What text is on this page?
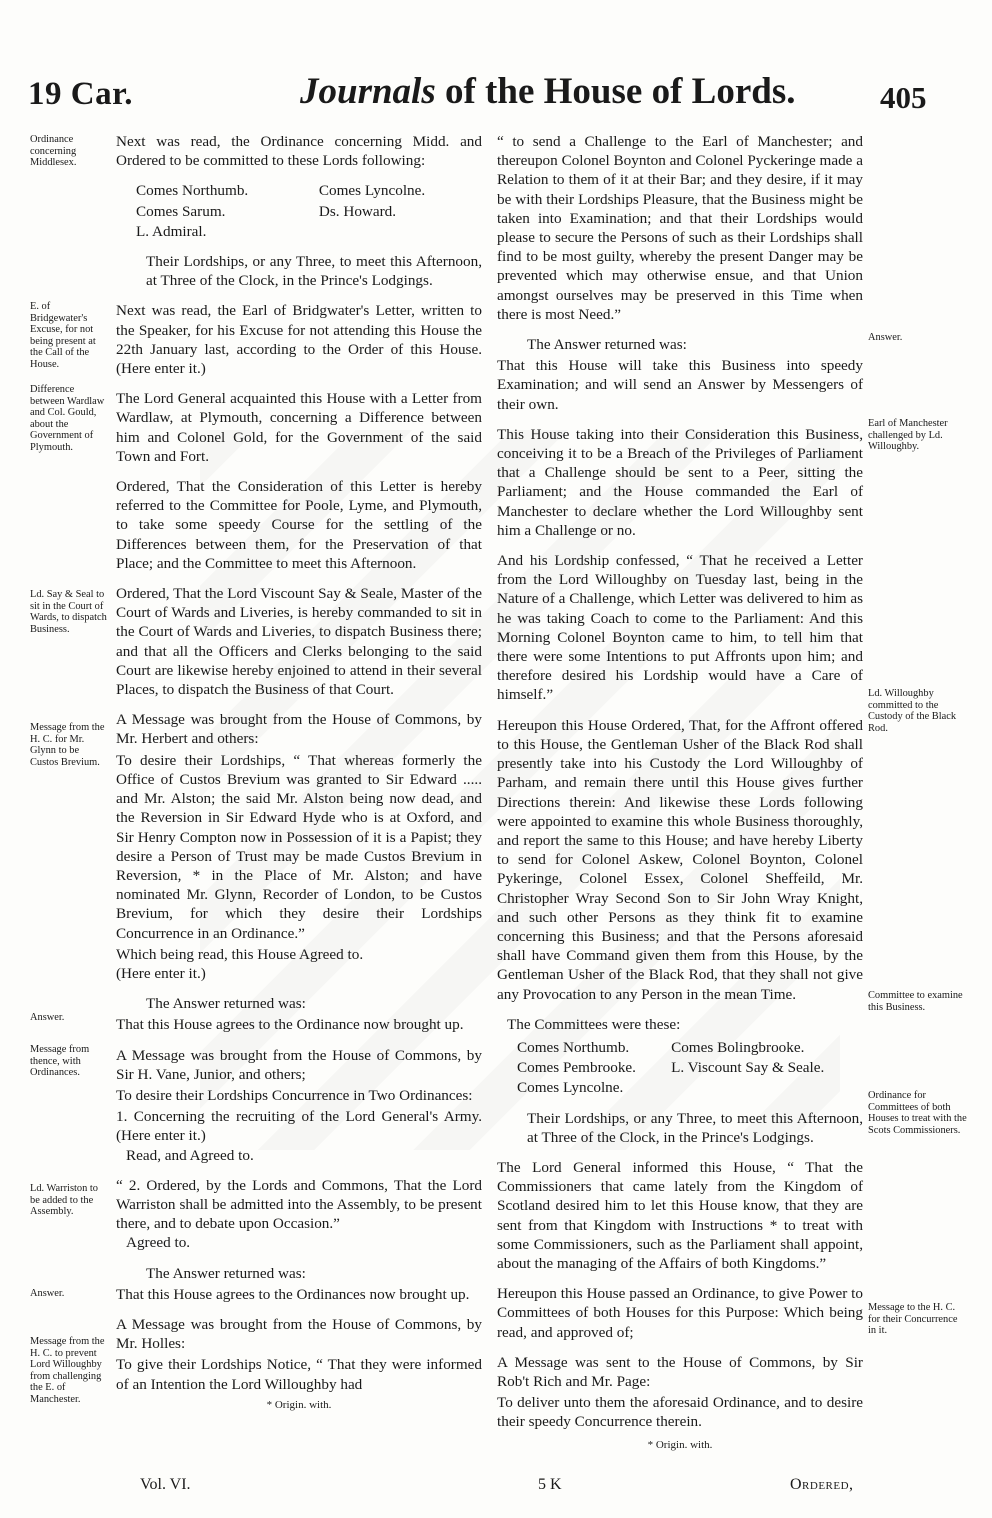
19 Car.	Journals of the House of Lords.	405
Ordinance concerning Middlesex.
E. of Bridgewater's Excuse, for not being present at the Call of the House.
Difference between Wardlaw and Col. Gould, about the Government of Plymouth.
Ld. Say & Seal to sit in the Court of Wards, to dispatch Business.
Message from the H. C. for Mr. Glynn to be Custos Brevium.
Answer.
Message from thence, with Ordinances.
Ld. Warriston to be added to the Assembly.
Answer.
Message from the H. C. to prevent Lord Willoughby from challenging the E. of Manchester.
Answer.
Earl of Manchester challenged by Ld. Willoughby.
Ld. Willoughby committed to the Custody of the Black Rod.
Committee to examine this Business.
Ordinance for Committees of both Houses to treat with the Scots Commissioners.
Message to the H. C. for their Concurrence in it.

Next was read, the Ordinance concerning Midd. and Ordered to be committed to these Lords following:

Comes Northumb.	Comes Lyncolne.
Comes Sarum.	Ds. Howard.
L. Admiral.	

Their Lordships, or any Three, to meet this Afternoon, at Three of the Clock, in the Prince's Lodgings.

Next was read, the Earl of Bridgwater's Letter, written to the Speaker, for his Excuse for not attending this House the 22th January last, according to the Order of this House. (Here enter it.)

The Lord General acquainted this House with a Letter from Wardlaw, at Plymouth, concerning a Difference between him and Colonel Gold, for the Government of the said Town and Fort.

Ordered, That the Consideration of this Letter is hereby referred to the Committee for Poole, Lyme, and Plymouth, to take some speedy Course for the settling of the Differences between them, for the Preservation of that Place; and the Committee to meet this Afternoon.

Ordered, That the Lord Viscount Say & Seale, Master of the Court of Wards and Liveries, is hereby commanded to sit in the Court of Wards and Liveries, to dispatch Business there; and that all the Officers and Clerks belonging to the said Court are likewise hereby enjoined to attend in their several Places, to dispatch the Business of that Court.

A Message was brought from the House of Commons, by Mr. Herbert and others:

To desire their Lordships, “ That whereas formerly the Office of Custos Brevium was granted to Sir Edward ..... and Mr. Alston; the said Mr. Alston being now dead, and the Reversion in Sir Edward Hyde who is at Oxford, and Sir Henry Compton now in Possession of it is a Papist; they desire a Person of Trust may be made Custos Brevium in Reversion, * in the Place of Mr. Alston; and have nominated Mr. Glynn, Recorder of London, to be Custos Brevium, for which they desire their Lordships Concurrence in an Ordinance.”

Which being read, this House Agreed to.

(Here enter it.)

The Answer returned was:

That this House agrees to the Ordinance now brought up.

A Message was brought from the House of Commons, by Sir H. Vane, Junior, and others;

To desire their Lordships Concurrence in Two Ordinances:

1. Concerning the recruiting of the Lord General's Army. (Here enter it.)

Read, and Agreed to.

“ 2. Ordered, by the Lords and Commons, That the Lord Warriston shall be admitted into the Assembly, to be present there, and to debate upon Occasion.”

Agreed to.

The Answer returned was:

That this House agrees to the Ordinances now brought up.

A Message was brought from the House of Commons, by Mr. Holles:

To give their Lordships Notice, “ That they were informed of an Intention the Lord Willoughby had

* Origin. with.

“ to send a Challenge to the Earl of Manchester; and thereupon Colonel Boynton and Colonel Pyckeringe made a Relation to them of it at their Bar; and they desire, if it may be with their Lordships Pleasure, that the Business might be taken into Examination; and that their Lordships would please to secure the Persons of such as their Lordships shall find to be most guilty, whereby the present Danger may be prevented which may otherwise ensue, and that Union amongst ourselves may be preserved in this Time when there is most Need.”

The Answer returned was:

That this House will take this Business into speedy Examination; and will send an Answer by Messengers of their own.

This House taking into their Consideration this Business, conceiving it to be a Breach of the Privileges of Parliament that a Challenge should be sent to a Peer, sitting the Parliament; and the House commanded the Earl of Manchester to declare whether the Lord Willoughby sent him a Challenge or no.

And his Lordship confessed, “ That he received a Letter from the Lord Willoughby on Tuesday last, being in the Nature of a Challenge, which Letter was delivered to him as he was taking Coach to come to the Parliament: And this Morning Colonel Boynton came to him, to tell him that there were some Intentions to put Affronts upon him; and therefore desired his Lordship would have a Care of himself.”

Hereupon this House Ordered, That, for the Affront offered to this House, the Gentleman Usher of the Black Rod shall presently take into his Custody the Lord Willoughby of Parham, and remain there until this House gives further Directions therein: And likewise these Lords following were appointed to examine this whole Business thoroughly, and report the same to this House; and have hereby Liberty to send for Colonel Askew, Colonel Boynton, Colonel Pykeringe, Colonel Essex, Colonel Sheffeild, Mr. Christopher Wray Second Son to Sir John Wray Knight, and such other Persons as they think fit to examine concerning this Business; and that the Persons aforesaid shall have Command given them from this House, by the Gentleman Usher of the Black Rod, that they shall not give any Provocation to any Person in the mean Time.

The Committees were these:

Comes Northumb.	Comes Bolingbrooke.
Comes Pembrooke.	L. Viscount Say & Seale.
Comes Lyncolne.	

Their Lordships, or any Three, to meet this Afternoon, at Three of the Clock, in the Prince's Lodgings.

The Lord General informed this House, “ That the Commissioners that came lately from the Kingdom of Scotland desired him to let this House know, that they are sent from that Kingdom with Instructions * to treat with some Commissioners, such as the Parliament shall appoint, about the managing of the Affairs of both Kingdoms.”

Hereupon this House passed an Ordinance, to give Power to Committees of both Houses for this Purpose: Which being read, and approved of;

A Message was sent to the House of Commons, by Sir Rob't Rich and Mr. Page:

To deliver unto them the aforesaid Ordinance, and to desire their speedy Concurrence therein.

* Origin. with.
Vol. VI.	5 K	Ordered,
